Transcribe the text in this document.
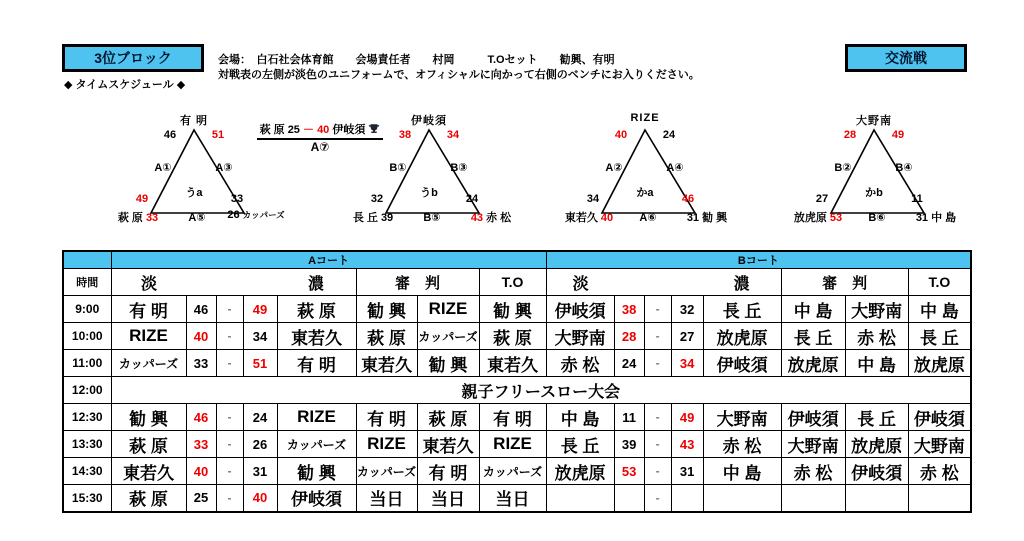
3位ブロック
◆ タイムスケジュール ◆
会場：　白石社会体育館　　会場責任者　　村岡　　　T.Oセット　　勧興、有明
対戦表の左側が淡色のユニフォームで、オフィシャルに向かって右側のベンチにお入りください。
交流戦
萩 原 25 － 40 伊岐須
A⑦
有 明
46	51
A①	A③
うa
49
萩 原 33	A⑤
33
26 カッパーズ
伊岐須
38	34
B①	B③
うb
32
長 丘 39	B⑤
24
43 赤 松
RIZE
40	24
A②	A④
かa
34
東若久 40	A⑥
46
31 勧 興
大野南
28	49
B②	B④
かb
27
放虎原 53	B⑥
11
31 中 島
	Aコート								Bコート							
時間	淡 濃					審　判		T.O	淡 濃					審　判		T.O
9:00	有 明	46	-	49	萩 原	勧 興	RIZE	勧 興	伊岐須	38	-	32	長 丘	中 島	大野南	中 島
10:00	RIZE	40	-	34	東若久	萩 原	カッパーズ	萩 原	大野南	28	-	27	放虎原	長 丘	赤 松	長 丘
11:00	カッパーズ	33	-	51	有 明	東若久	勧 興	東若久	赤 松	24	-	34	伊岐須	放虎原	中 島	放虎原
12:00	親子フリースロー大会															
12:30	勧 興	46	-	24	RIZE	有 明	萩 原	有 明	中 島	11	-	49	大野南	伊岐須	長 丘	伊岐須
13:30	萩 原	33	-	26	カッパーズ	RIZE	東若久	RIZE	長 丘	39	-	43	赤 松	大野南	放虎原	大野南
14:30	東若久	40	-	31	勧 興	カッパーズ	有 明	カッパーズ	放虎原	53	-	31	中 島	赤 松	伊岐須	赤 松
15:30	萩 原	25	-	40	伊岐須	当日	当日	当日			-					
